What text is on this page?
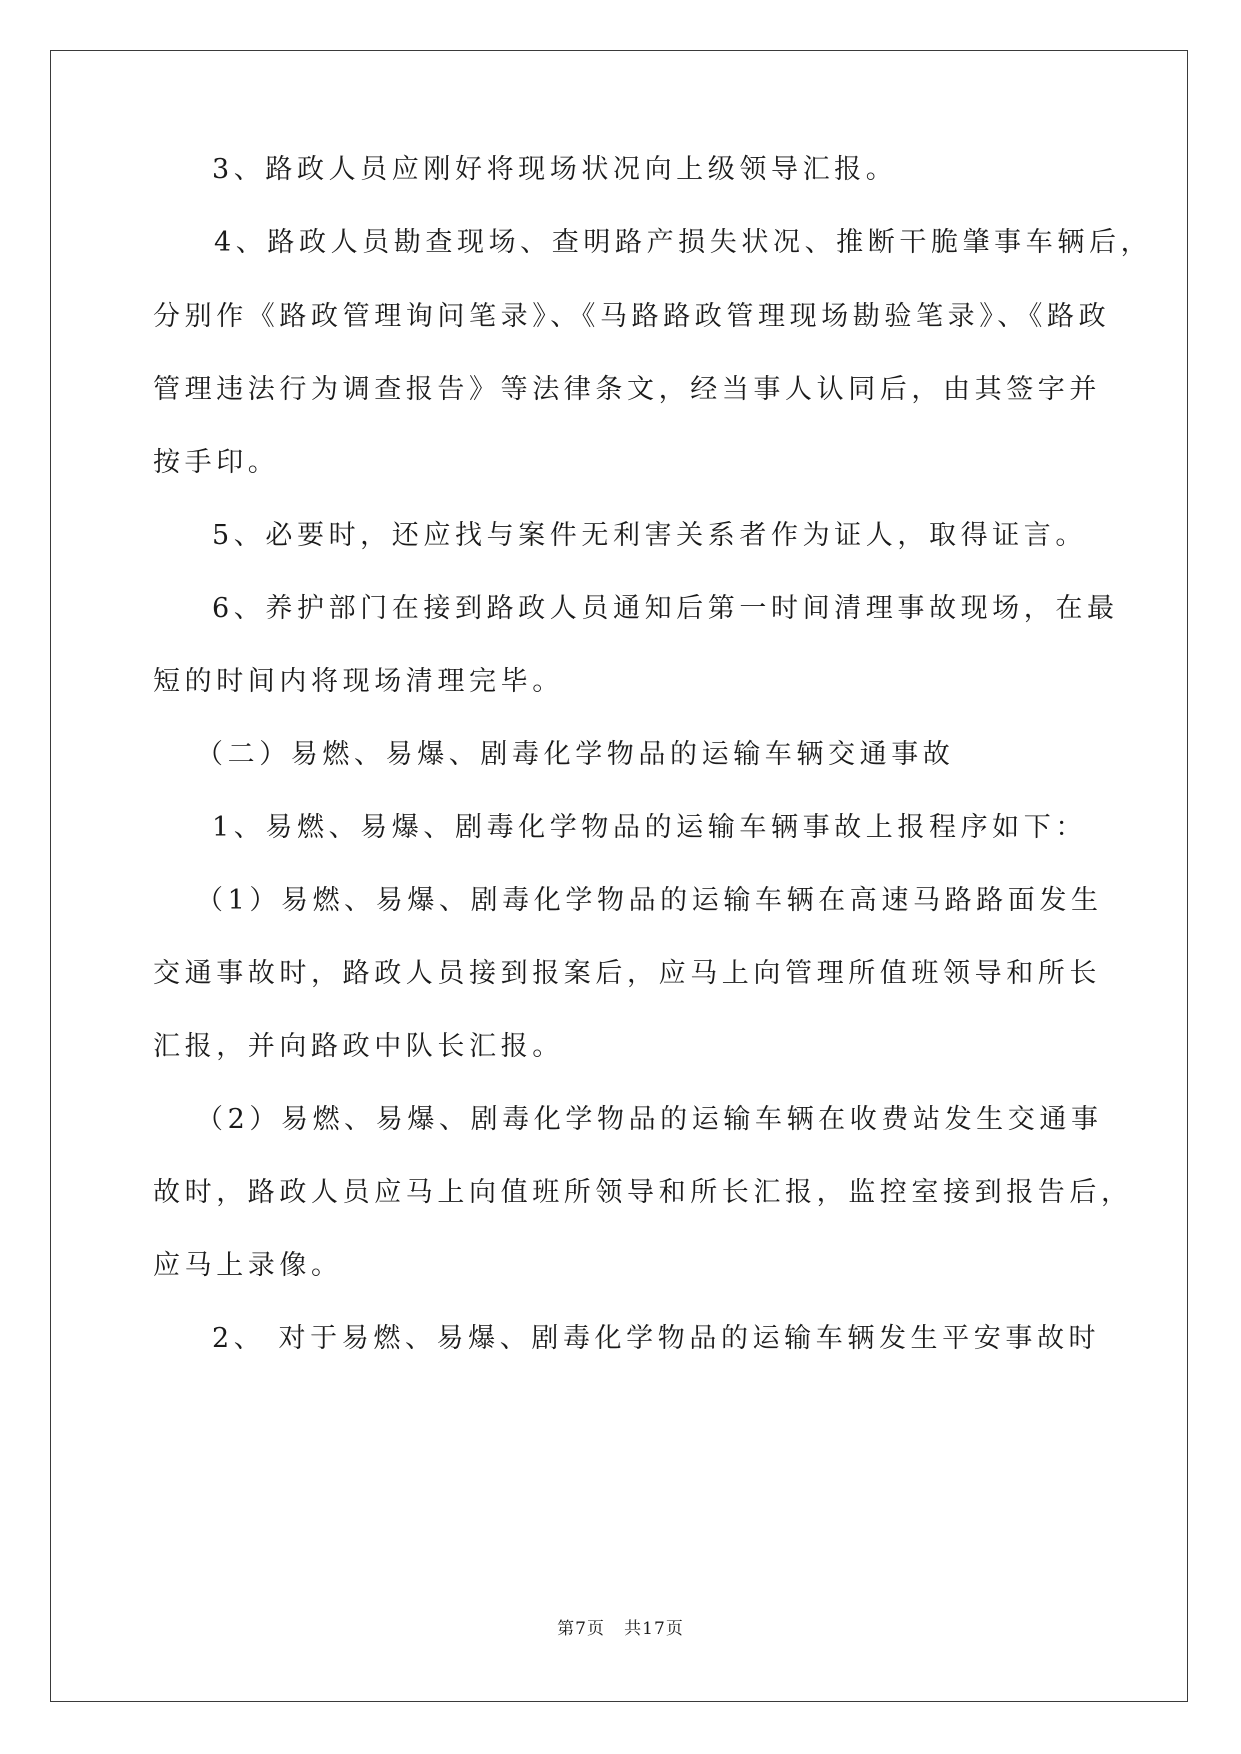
3、路政人员应刚好将现场状况向上级领导汇报。
4、路政人员勘查现场、查明路产损失状况、推断干脆肇事车辆后，
分别作《路政管理询问笔录》、《马路路政管理现场勘验笔录》、《路政
管理违法行为调查报告》等法律条文，经当事人认同后，由其签字并
按手印。
5、必要时，还应找与案件无利害关系者作为证人，取得证言。
6、养护部门在接到路政人员通知后第一时间清理事故现场，在最
短的时间内将现场清理完毕。
（二）易燃、易爆、剧毒化学物品的运输车辆交通事故
1、易燃、易爆、剧毒化学物品的运输车辆事故上报程序如下：
（1）易燃、易爆、剧毒化学物品的运输车辆在高速马路路面发生
交通事故时，路政人员接到报案后，应马上向管理所值班领导和所长
汇报，并向路政中队长汇报。
（2）易燃、易爆、剧毒化学物品的运输车辆在收费站发生交通事
故时，路政人员应马上向值班所领导和所长汇报，监控室接到报告后，
应马上录像。
2、 对于易燃、易爆、剧毒化学物品的运输车辆发生平安事故时
第7页   共17页
